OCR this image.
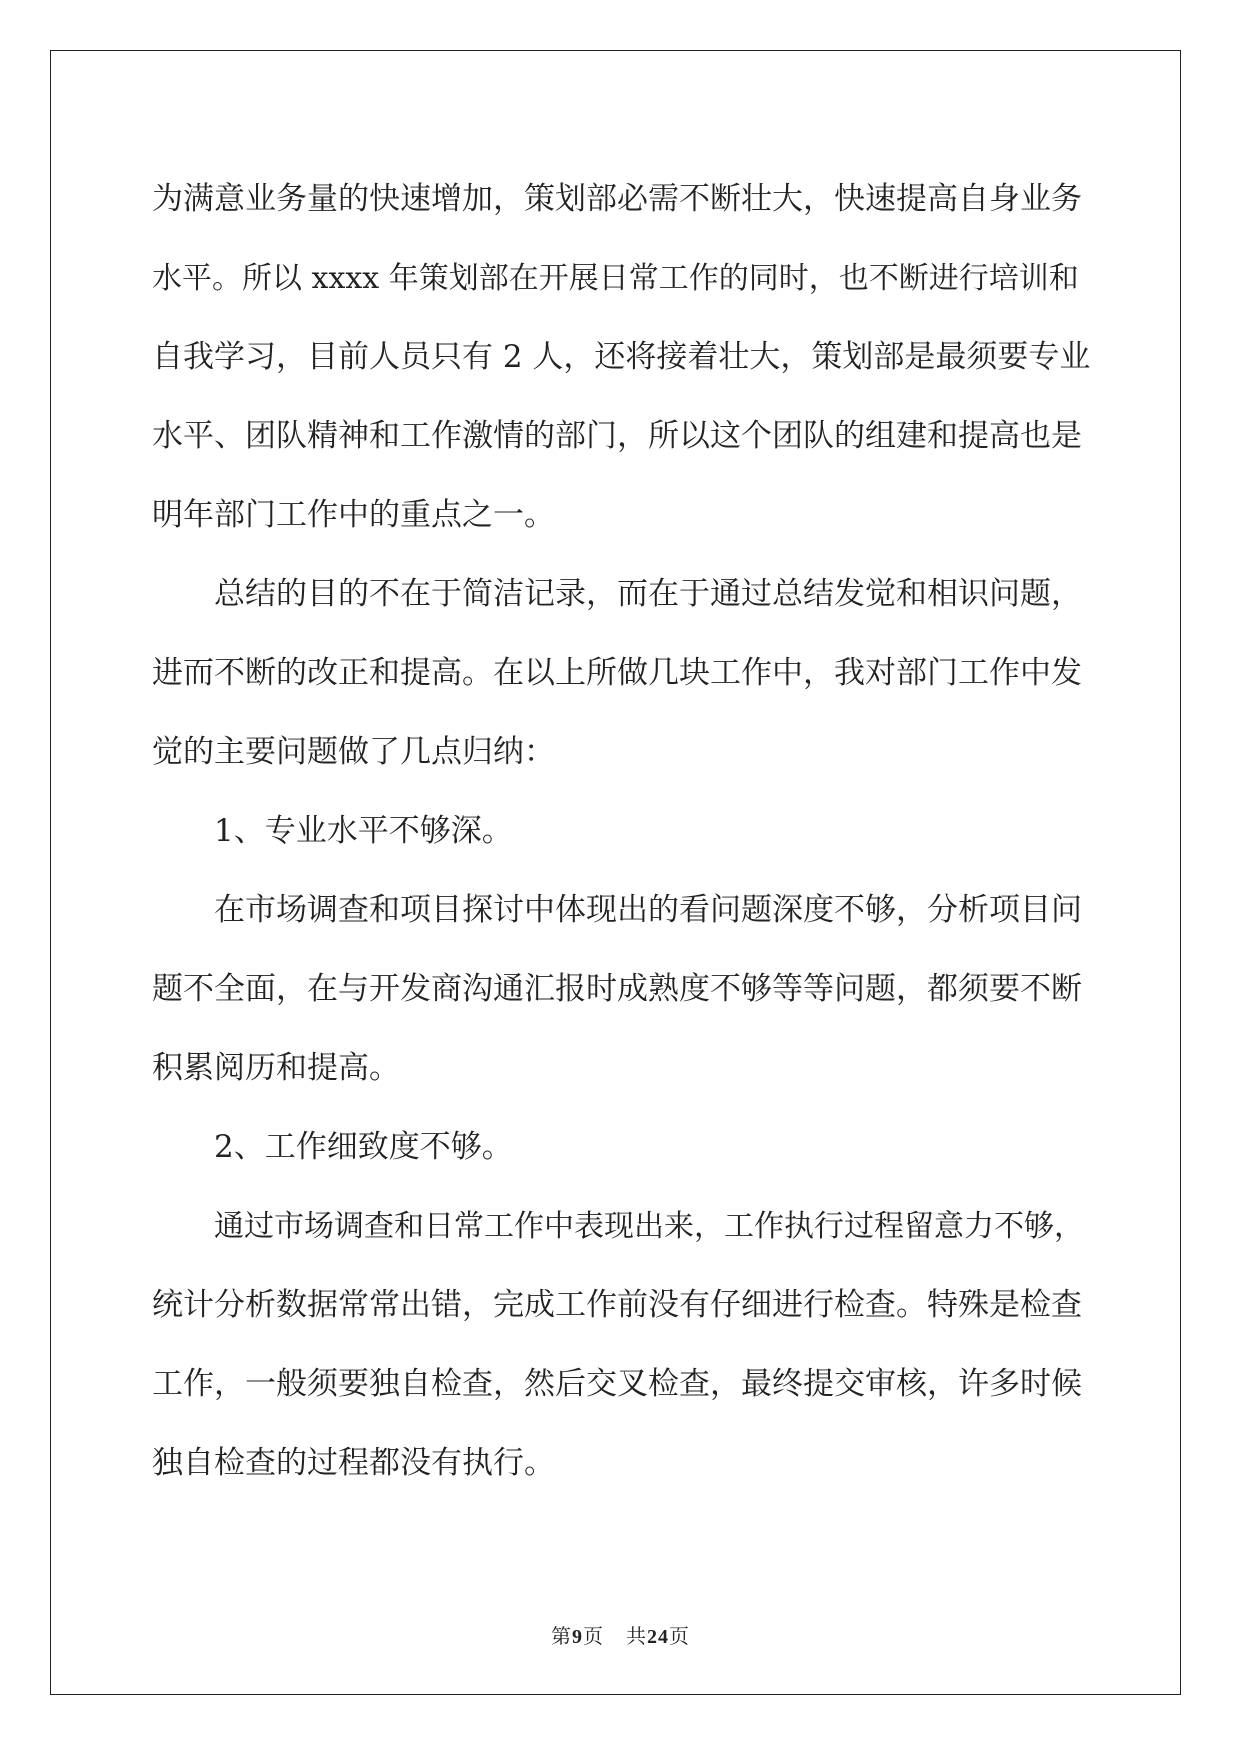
为满意业务量的快速增加，策划部必需不断壮大，快速提高自身业务
水平。所以 xxxx 年策划部在开展日常工作的同时，也不断进行培训和
自我学习，目前人员只有 2 人，还将接着壮大，策划部是最须要专业
水平、团队精神和工作激情的部门，所以这个团队的组建和提高也是
明年部门工作中的重点之一。
总结的目的不在于简洁记录，而在于通过总结发觉和相识问题，
进而不断的改正和提高。在以上所做几块工作中，我对部门工作中发
觉的主要问题做了几点归纳：
1、专业水平不够深。
在市场调查和项目探讨中体现出的看问题深度不够，分析项目问
题不全面，在与开发商沟通汇报时成熟度不够等等问题，都须要不断
积累阅历和提高。
2、工作细致度不够。
通过市场调查和日常工作中表现出来，工作执行过程留意力不够，
统计分析数据常常出错，完成工作前没有仔细进行检查。特殊是检查
工作，一般须要独自检查，然后交叉检查，最终提交审核，许多时候
独自检查的过程都没有执行。
第9页 共24页
